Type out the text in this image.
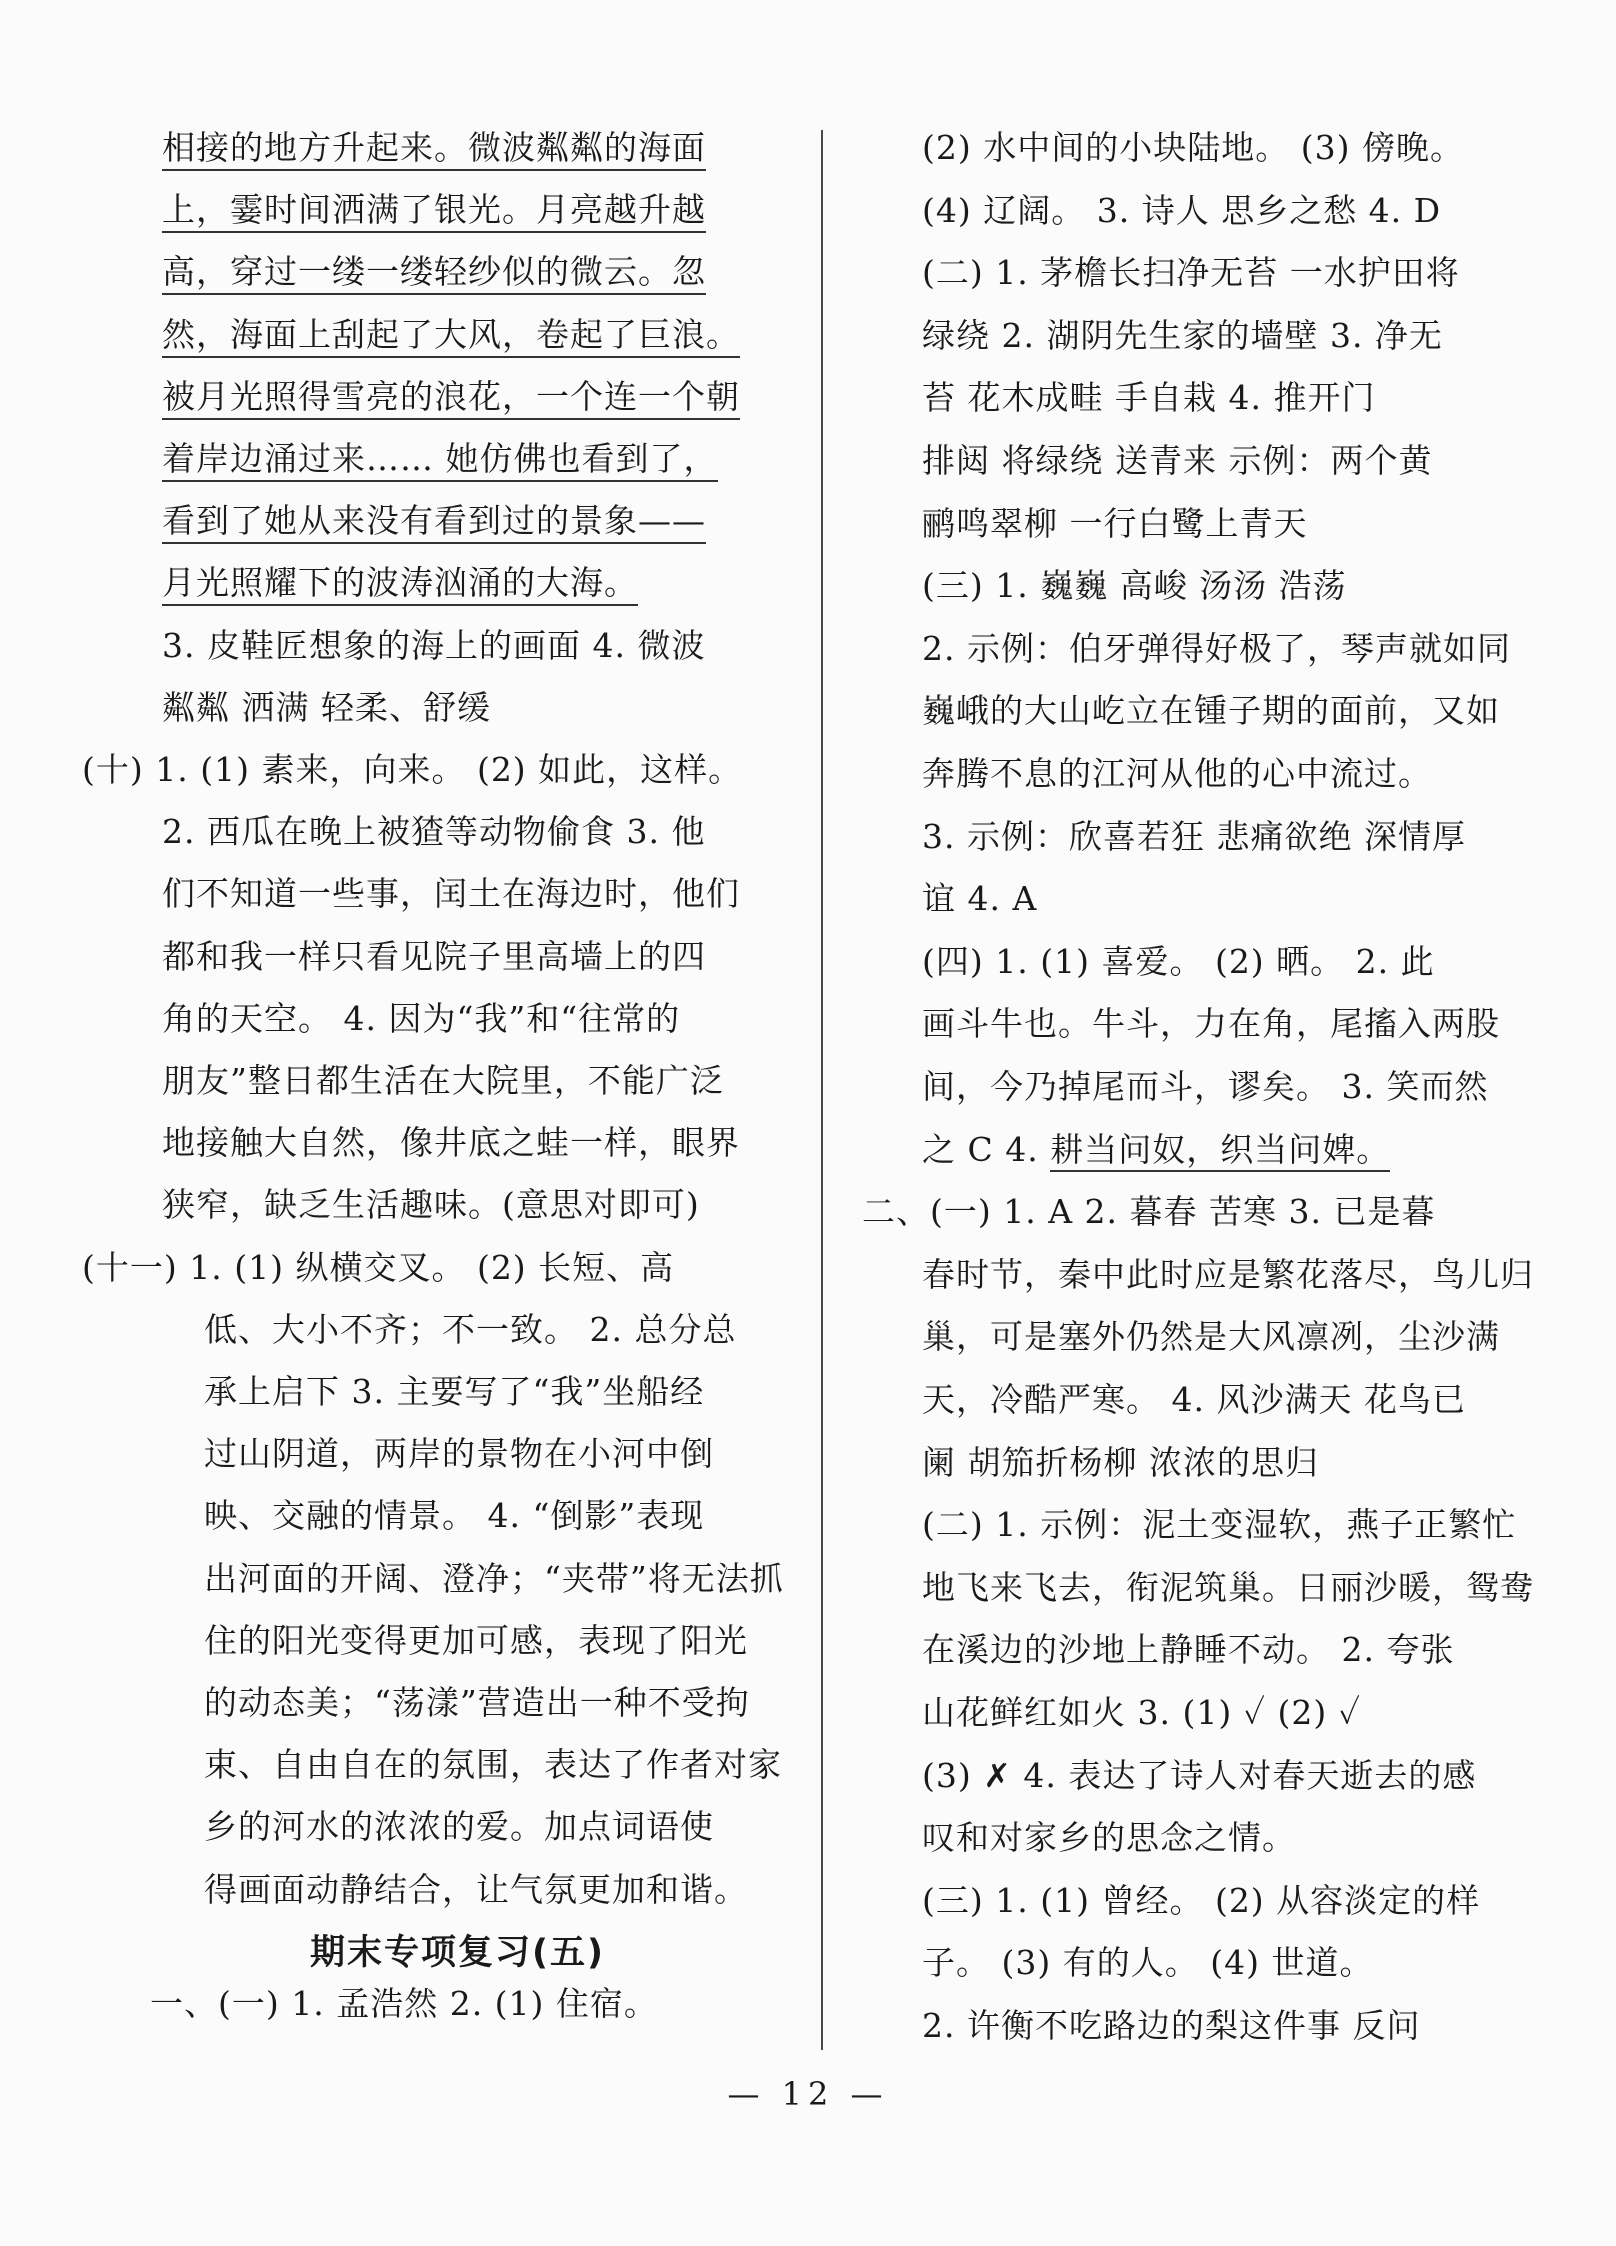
相接的地方升起来。微波粼粼的海面
上，霎时间洒满了银光。月亮越升越
高，穿过一缕一缕轻纱似的微云。忽
然，海面上刮起了大风，卷起了巨浪。
被月光照得雪亮的浪花，一个连一个朝
着岸边涌过来…… 她仿佛也看到了，
看到了她从来没有看到过的景象——
月光照耀下的波涛汹涌的大海。
3. 皮鞋匠想象的海上的画面 4. 微波
粼粼 洒满 轻柔、舒缓
(十) 1. (1) 素来，向来。 (2) 如此，这样。
2. 西瓜在晚上被猹等动物偷食 3. 他
们不知道一些事，闰土在海边时，他们
都和我一样只看见院子里高墙上的四
角的天空。 4. 因为“我”和“往常的
朋友”整日都生活在大院里，不能广泛
地接触大自然，像井底之蛙一样，眼界
狭窄，缺乏生活趣味。(意思对即可)
(十一) 1. (1) 纵横交叉。 (2) 长短、高
低、大小不齐；不一致。 2. 总分总
承上启下 3. 主要写了“我”坐船经
过山阴道，两岸的景物在小河中倒
映、交融的情景。 4. “倒影”表现
出河面的开阔、澄净；“夹带”将无法抓
住的阳光变得更加可感，表现了阳光
的动态美；“荡漾”营造出一种不受拘
束、自由自在的氛围，表达了作者对家
乡的河水的浓浓的爱。加点词语使
得画面动静结合，让气氛更加和谐。
期末专项复习(五)
一、(一) 1. 孟浩然 2. (1) 住宿。
(2) 水中间的小块陆地。 (3) 傍晚。
(4) 辽阔。 3. 诗人 思乡之愁 4. D
(二) 1. 茅檐长扫净无苔 一水护田将
绿绕 2. 湖阴先生家的墙壁 3. 净无
苔 花木成畦 手自栽 4. 推开门
排闼 将绿绕 送青来 示例：两个黄
鹂鸣翠柳 一行白鹭上青天
(三) 1. 巍巍 高峻 汤汤 浩荡
2. 示例：伯牙弹得好极了，琴声就如同
巍峨的大山屹立在锺子期的面前，又如
奔腾不息的江河从他的心中流过。
3. 示例：欣喜若狂 悲痛欲绝 深情厚
谊 4. A
(四) 1. (1) 喜爱。 (2) 晒。 2. 此
画斗牛也。牛斗，力在角，尾搐入两股
间，今乃掉尾而斗，谬矣。 3. 笑而然
之 C 4. 耕当问奴，织当问婢。
二、(一) 1. A 2. 暮春 苦寒 3. 已是暮
春时节，秦中此时应是繁花落尽，鸟儿归
巢，可是塞外仍然是大风凛冽，尘沙满
天，冷酷严寒。 4. 风沙满天 花鸟已
阑 胡笳折杨柳 浓浓的思归
(二) 1. 示例：泥土变湿软，燕子正繁忙
地飞来飞去，衔泥筑巢。日丽沙暖，鸳鸯
在溪边的沙地上静睡不动。 2. 夸张
山花鲜红如火 3. (1) ✓ (2) ✓
(3) ✗ 4. 表达了诗人对春天逝去的感
叹和对家乡的思念之情。
(三) 1. (1) 曾经。 (2) 从容淡定的样
子。 (3) 有的人。 (4) 世道。
2. 许衡不吃路边的梨这件事 反问
— 12 —
